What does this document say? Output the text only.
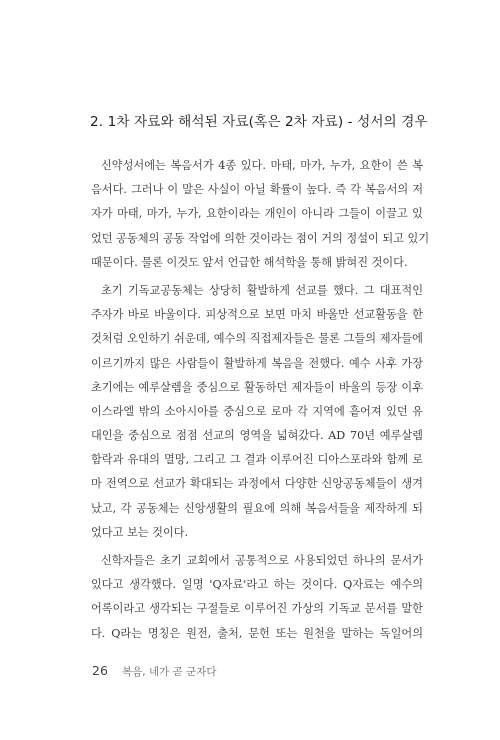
2. 1차 자료와 해석된 자료(혹은 2차 자료) - 성서의 경우
신약성서에는 복음서가 4종 있다. 마태, 마가, 누가, 요한이 쓴 복
음서다. 그러나 이 말은 사실이 아닐 확률이 높다. 즉 각 복음서의 저
자가 마태, 마가, 누가, 요한이라는 개인이 아니라 그들이 이끌고 있
었던 공동체의 공동 작업에 의한 것이라는 점이 거의 정설이 되고 있기
때문이다. 물론 이것도 앞서 언급한 해석학을 통해 밝혀진 것이다.
초기 기독교공동체는 상당히 활발하게 선교를 했다. 그 대표적인
주자가 바로 바울이다. 피상적으로 보면 마치 바울만 선교활동을 한
것처럼 오인하기 쉬운데, 예수의 직접제자들은 물론 그들의 제자들에
이르기까지 많은 사람들이 활발하게 복음을 전했다. 예수 사후 가장
초기에는 예루살렘을 중심으로 활동하던 제자들이 바울의 등장 이후
이스라엘 밖의 소아시아를 중심으로 로마 각 지역에 흩어져 있던 유
대인을 중심으로 점점 선교의 영역을 넓혀갔다. AD 70년 예루살렘
함락과 유대의 멸망, 그리고 그 결과 이루어진 디아스포라와 함께 로
마 전역으로 선교가 확대되는 과정에서 다양한 신앙공동체들이 생겨
났고, 각 공동체는 신앙생활의 필요에 의해 복음서들을 제작하게 되
었다고 보는 것이다.
신학자들은 초기 교회에서 공통적으로 사용되었던 하나의 문서가
있다고 생각했다. 일명 'Q자료'라고 하는 것이다. Q자료는 예수의
어록이라고 생각되는 구절들로 이루어진 가상의 기독교 문서를 말한
다. Q라는 명칭은 원전, 출처, 문헌 또는 원천을 말하는 독일어의
26 복음, 네가 곧 군자다
